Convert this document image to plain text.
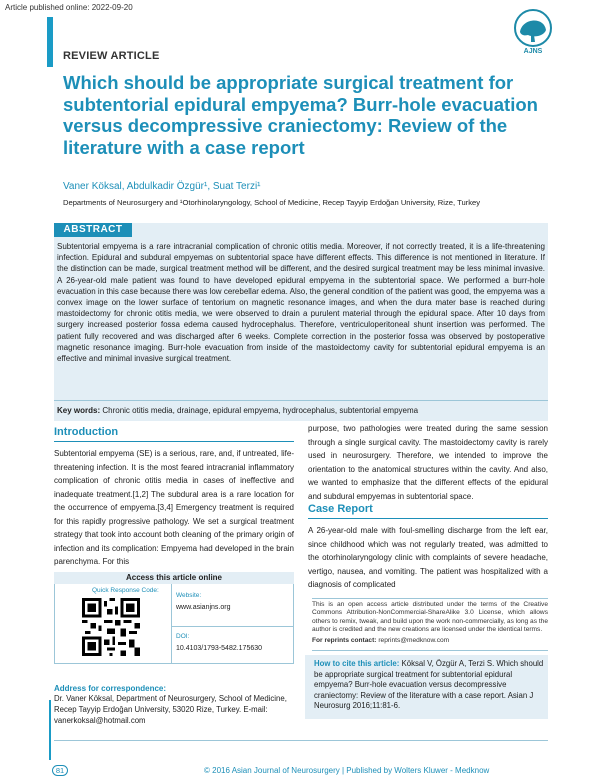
Article published online: 2022-09-20
AJNS
REVIEW ARTICLE
Which should be appropriate surgical treatment for subtentorial epidural empyema? Burr-hole evacuation versus decompressive craniectomy: Review of the literature with a case report
Vaner Köksal, Abdulkadir Özgür¹, Suat Terzi¹
Departments of Neurosurgery and ¹Otorhinolaryngology, School of Medicine, Recep Tayyip Erdoğan University, Rize, Turkey
ABSTRACT
Subtentorial empyema is a rare intracranial complication of chronic otitis media. Moreover, if not correctly treated, it is a life-threatening infection. Epidural and subdural empyemas on subtentorial space have different effects. This difference is not mentioned in literature. If the distinction can be made, surgical treatment method will be different, and the desired surgical treatment may be less minimal invasive. A 26-year-old male patient was found to have developed epidural empyema in the subtentorial space. We performed a burr-hole evacuation in this case because there was low cerebellar edema. Also, the general condition of the patient was good, the empyema was a convex image on the lower surface of tentorium on magnetic resonance images, and when the dura mater base is reached during mastoidectomy for chronic otitis media, we were observed to drain a purulent material through the epidural space. After 10 days from surgery increased posterior fossa edema caused hydrocephalus. Therefore, ventriculoperitoneal shunt insertion was performed. The patient fully recovered and was discharged after 6 weeks. Complete correction in the posterior fossa was observed by postoperative magnetic resonance imaging. Burr-hole evacuation from inside of the mastoidectomy cavity for subtentorial epidural empyema is an effective and minimal invasive surgical treatment.
Key words: Chronic otitis media, drainage, epidural empyema, hydrocephalus, subtentorial empyema
Introduction
Subtentorial empyema (SE) is a serious, rare, and, if untreated, life-threatening infection. It is the most feared intracranial inflammatory complication of chronic otitis media in cases of ineffective and inadequate treatment.[1,2] The subdural area is a rare location for the occurrence of empyema.[3,4] Emergency treatment is required for this rapidly progressive pathology. We set a surgical treatment strategy that took into account both cleaning of the primary origin of infection and its complication: Empyema had developed in the brain parenchyma. For this
purpose, two pathologies were treated during the same session through a single surgical cavity. The mastoidectomy cavity is rarely used in neurosurgery. Therefore, we intended to improve the orientation to the anatomical structures within the cavity. And also, we wanted to emphasize that the different effects of the epidural and subdural empyemas in subtentorial space.
Case Report
A 26-year-old male with foul-smelling discharge from the left ear, since childhood which was not regularly treated, was admitted to the otorhinolaryngology clinic with complaints of severe headache, vertigo, nausea, and vomiting. The patient was hospitalized with a diagnosis of complicated
Access this article online
Quick Response Code:
Website:
www.asianjns.org
DOI:
10.4103/1793-5482.175630
Address for correspondence:
Dr. Vaner Köksal, Department of Neurosurgery, School of Medicine, Recep Tayyip Erdoğan University, 53020 Rize, Turkey. E-mail: vanerkoksal@hotmail.com
This is an open access article distributed under the terms of the Creative Commons Attribution-NonCommercial-ShareAlike 3.0 License, which allows others to remix, tweak, and build upon the work non-commercially, as long as the author is credited and the new creations are licensed under the identical terms.
For reprints contact: reprints@medknow.com
How to cite this article: Köksal V, Özgür A, Terzi S. Which should be appropriate surgical treatment for subtentorial epidural empyema? Burr-hole evacuation versus decompressive craniectomy: Review of the literature with a case report. Asian J Neurosurg 2016;11:81-6.
81	© 2016 Asian Journal of Neurosurgery | Published by Wolters Kluwer - Medknow
